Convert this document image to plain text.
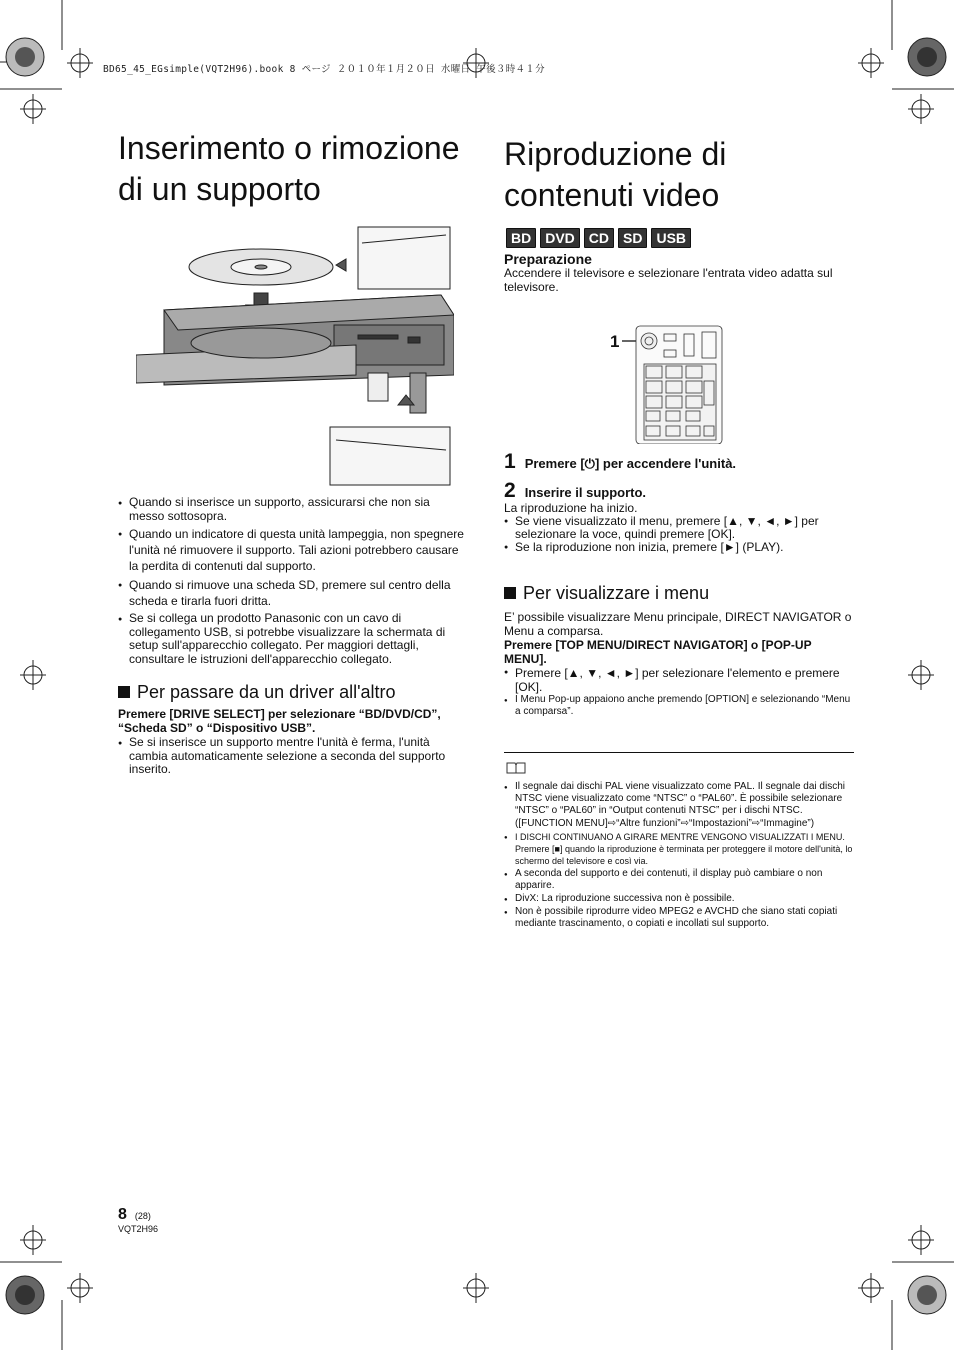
BD65_45_EGsimple(VQT2H96).book 8 ページ ２０１０年１月２０日 水曜日 午後３時４１分
Inserimento o rimozione
di un supporto

● Quando si inserisce un supporto, assicurarsi che non sia messo sottosopra.

● Quando un indicatore di questa unità lampeggia, non spegnere l'unità né rimuovere il supporto. Tali azioni potrebbero causare la perdita di contenuti dal supporto.

● Quando si rimuove una scheda SD, premere sul centro della scheda e tirarla fuori dritta.

● Se si collega un prodotto Panasonic con un cavo di collegamento USB, si potrebbe visualizzare la schermata di setup sull'apparecchio collegato. Per maggiori dettagli, consultare le istruzioni dell'apparecchio collegato.

Per passare da un driver all'altro

Premere [DRIVE SELECT] per selezionare “BD/DVD/CD”, “Scheda SD” o “Dispositivo USB”.

● Se si inserisce un supporto mentre l'unità è ferma, l'unità cambia automaticamente selezione a seconda del supporto inserito.

Riproduzione di
contenuti video
BD	DVD	CD	SD	USB
Preparazione
Accendere il televisore e selezionare l'entrata video adatta sul televisore.
1
1 Premere [⏻] per accendere l'unità.
2 Inserire il supporto.
La riproduzione ha inizio.

● Se viene visualizzato il menu, premere [▲, ▼, ◄, ►] per selezionare la voce, quindi premere [OK].

● Se la riproduzione non inizia, premere [►] (PLAY).

Per visualizzare i menu

E’ possibile visualizzare Menu principale, DIRECT NAVIGATOR o Menu a comparsa.
Premere [TOP MENU/DIRECT NAVIGATOR] o [POP-UP MENU].

● Premere [▲, ▼, ◄, ►] per selezionare l'elemento e premere [OK].

● I Menu Pop-up appaiono anche premendo [OPTION] e selezionando “Menu a comparsa”.

● Il segnale dai dischi PAL viene visualizzato come PAL. Il segnale dai dischi NTSC viene visualizzato come “NTSC” o “PAL60”. È possibile selezionare “NTSC” o “PAL60” in “Output contenuti NTSC” per i dischi NTSC.

([FUNCTION MENU]⇨“Altre funzioni”⇨“Impostazioni”⇨“Immagine”)

● I DISCHI CONTINUANO A GIRARE MENTRE VENGONO VISUALIZZATI I MENU. Premere [■] quando la riproduzione è terminata per proteggere il motore dell'unità, lo schermo del televisore e così via.

● A seconda del supporto e dei contenuti, il display può cambiare o non apparire.

● DivX: La riproduzione successiva non è possibile.

● Non è possibile riprodurre video MPEG2 e AVCHD che siano stati copiati mediante trascinamento, o copiati e incollati sul supporto.

8 (28)
VQT2H96
